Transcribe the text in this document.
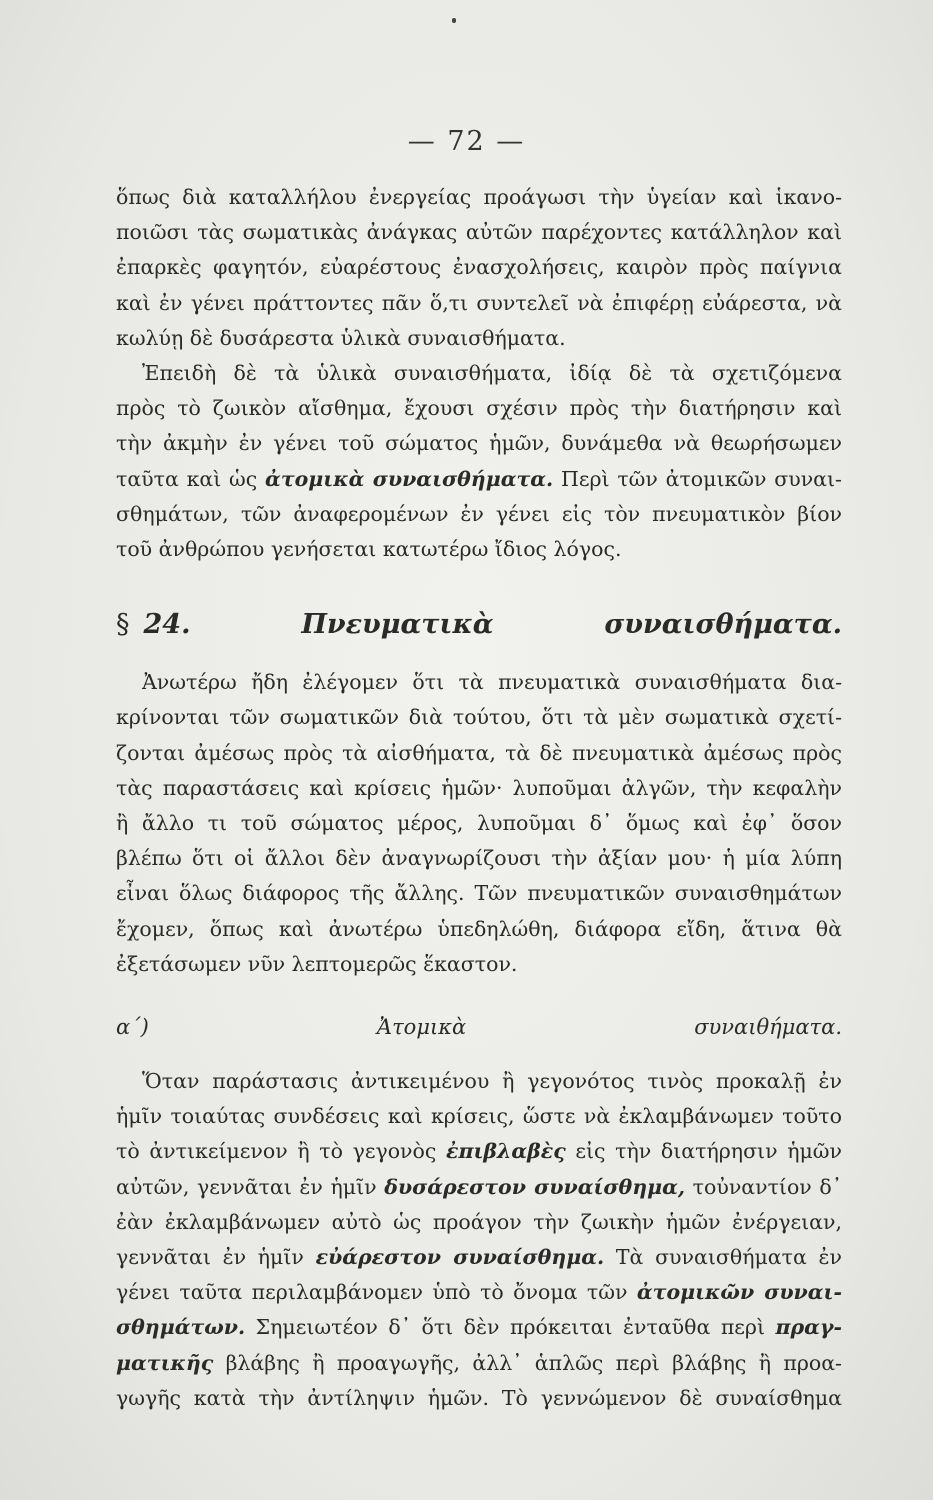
— 72 —
ὅπως διὰ καταλλήλου ἐνεργείας προάγωσι τὴν ὑγείαν καὶ ἱκανο-
ποιῶσι τὰς σωματικὰς ἀνάγκας αὐτῶν παρέχοντες κατάλληλον καὶ
ἐπαρκὲς φαγητόν, εὐαρέστους ἐνασχολήσεις, καιρὸν πρὸς παίγνια
καὶ ἐν γένει πράττοντες πᾶν ὅ,τι συντελεῖ νὰ ἐπιφέρῃ εὐάρεστα, νὰ
κωλύῃ δὲ δυσάρεστα ὑλικὰ συναισθήματα.
Ἐπειδὴ δὲ τὰ ὑλικὰ συναισθήματα, ἰδίᾳ δὲ τὰ σχετιζόμενα
πρὸς τὸ ζωικὸν αἴσθημα, ἔχουσι σχέσιν πρὸς τὴν διατήρησιν καὶ
τὴν ἀκμὴν ἐν γένει τοῦ σώματος ἡμῶν, δυνάμεθα νὰ θεωρήσωμεν
ταῦτα καὶ ὡς ἀτομικὰ συναισθήματα. Περὶ τῶν ἀτομικῶν συναι-
σθημάτων, τῶν ἀναφερομένων ἐν γένει εἰς τὸν πνευματικὸν βίον
τοῦ ἀνθρώπου γενήσεται κατωτέρω ἴδιος λόγος.
§ 24.	Πνευματικὰ συναισθήματα.
Ἀνωτέρω ἤδη ἐλέγομεν ὅτι τὰ πνευματικὰ συναισθήματα δια-
κρίνονται τῶν σωματικῶν διὰ τούτου, ὅτι τὰ μὲν σωματικὰ σχετί-
ζονται ἀμέσως πρὸς τὰ αἰσθήματα, τὰ δὲ πνευματικὰ ἀμέσως πρὸς
τὰς παραστάσεις καὶ κρίσεις ἡμῶν· λυποῦμαι ἀλγῶν, τὴν κεφαλὴν
ἢ ἄλλο τι τοῦ σώματος μέρος, λυποῦμαι δ᾿ ὅμως καὶ ἐφ᾿ ὅσον
βλέπω ὅτι οἱ ἄλλοι δὲν ἀναγνωρίζουσι τὴν ἀξίαν μου· ἡ μία λύπη
εἶναι ὅλως διάφορος τῆς ἄλλης. Τῶν πνευματικῶν συναισθημάτων
ἔχομεν, ὅπως καὶ ἀνωτέρω ὑπεδηλώθη, διάφορα εἴδη, ἅτινα θὰ
ἐξετάσωμεν νῦν λεπτομερῶς ἕκαστον.
α΄) Ἀτομικὰ συναιθήματα.
Ὅταν παράστασις ἀντικειμένου ἢ γεγονότος τινὸς προκαλῇ ἐν
ἡμῖν τοιαύτας συνδέσεις καὶ κρίσεις, ὥστε νὰ ἐκλαμβάνωμεν τοῦτο
τὸ ἀντικείμενον ἢ τὸ γεγονὸς ἐπιβλαβὲς εἰς τὴν διατήρησιν ἡμῶν
αὐτῶν, γεννᾶται ἐν ἡμῖν δυσάρεστον συναίσθημα, τοὐναντίον δ᾿
ἐὰν ἐκλαμβάνωμεν αὐτὸ ὡς προάγον τὴν ζωικὴν ἡμῶν ἐνέργειαν,
γεννᾶται ἐν ἡμῖν εὐάρεστον συναίσθημα. Τὰ συναισθήματα ἐν
γένει ταῦτα περιλαμβάνομεν ὑπὸ τὸ ὄνομα τῶν ἀτομικῶν συναι-
σθημάτων. Σημειωτέον δ᾿ ὅτι δὲν πρόκειται ἐνταῦθα περὶ πραγ-
ματικῆς βλάβης ἢ προαγωγῆς, ἀλλ᾿ ἁπλῶς περὶ βλάβης ἢ προα-
γωγῆς κατὰ τὴν ἀντίληψιν ἡμῶν. Τὸ γεννώμενον δὲ συναίσθημα
